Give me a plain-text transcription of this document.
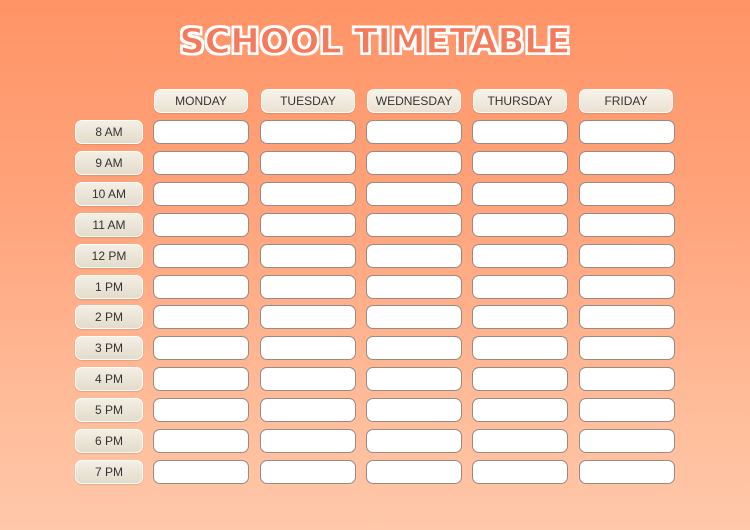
SCHOOL TIMETABLE
MONDAY	TUESDAY	WEDNESDAY	THURSDAY	FRIDAY
8 AM
9 AM
10 AM
11 AM
12 PM
1 PM
2 PM
3 PM
4 PM
5 PM
6 PM
7 PM
